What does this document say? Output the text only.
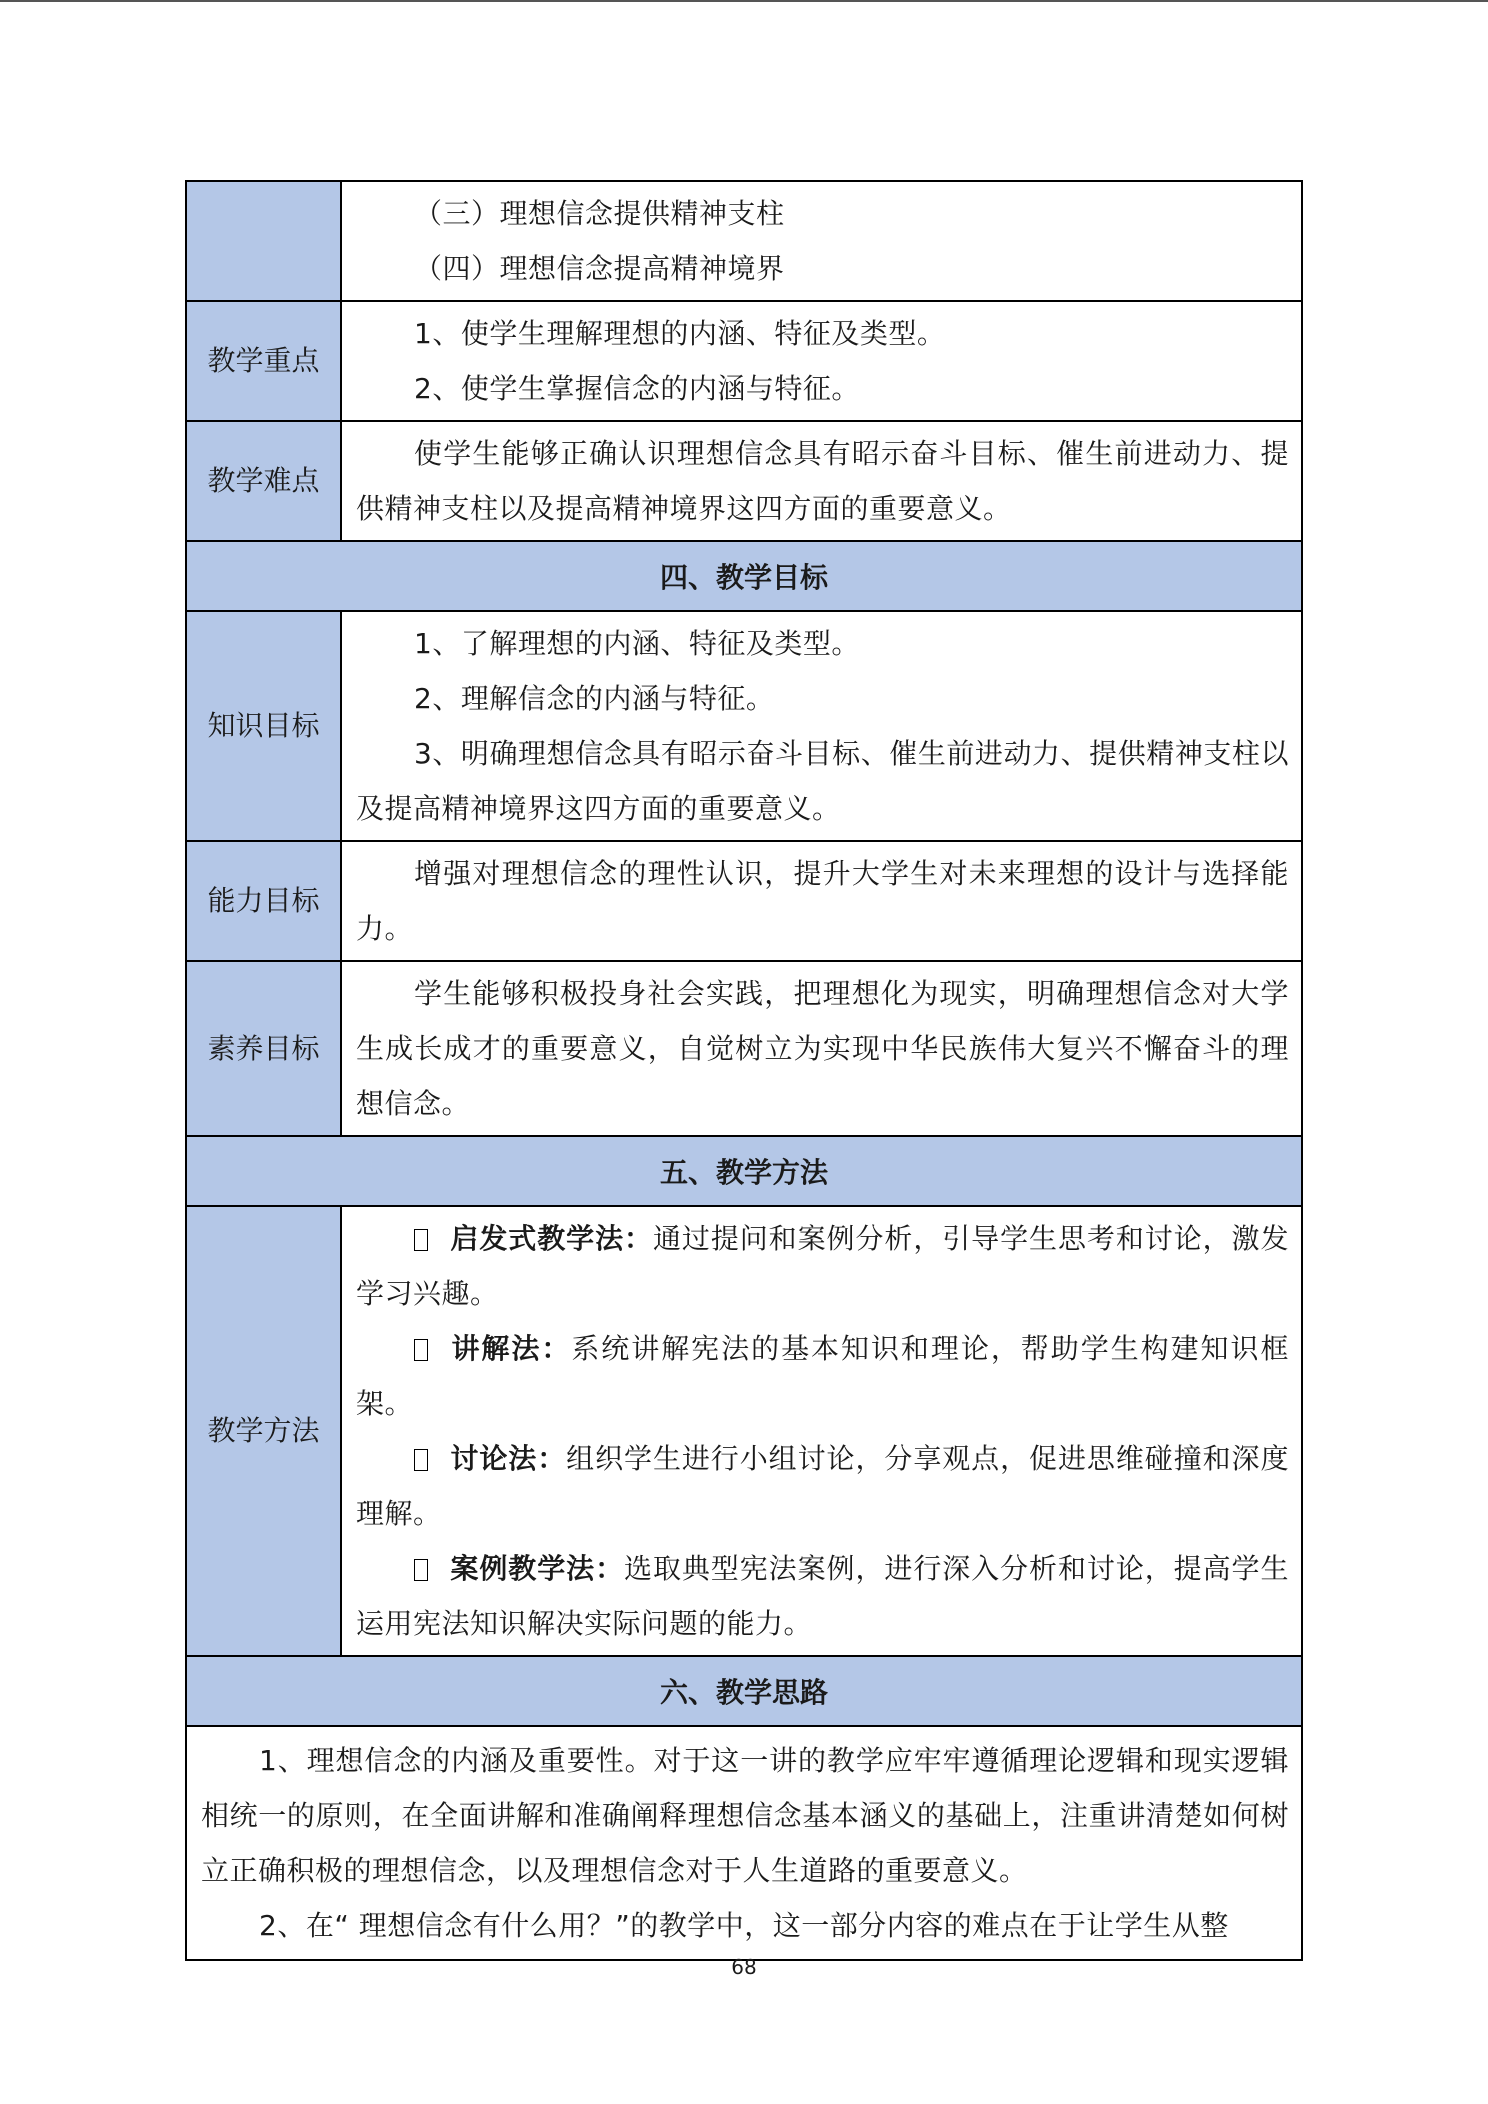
	（三）理想信念提供精神支柱

（四）理想信念提高精神境界

教学重点	1、使学生理解理想的内涵、特征及类型。

2、使学生掌握信念的内涵与特征。

教学难点	使学生能够正确认识理想信念具有昭示奋斗目标、催生前进动力、提供精神支柱以及提高精神境界这四方面的重要意义。

四、教学目标	
知识目标	1、了解理想的内涵、特征及类型。

2、理解信念的内涵与特征。

3、明确理想信念具有昭示奋斗目标、催生前进动力、提供精神支柱以及提高精神境界这四方面的重要意义。

能力目标	增强对理想信念的理性认识，提升大学生对未来理想的设计与选择能力。

素养目标	学生能够积极投身社会实践，把理想化为现实，明确理想信念对大学生成长成才的重要意义，自觉树立为实现中华民族伟大复兴不懈奋斗的理想信念。

五、教学方法	
教学方法	启发式教学法：通过提问和案例分析，引导学生思考和讨论，激发学习兴趣。

讲解法：系统讲解宪法的基本知识和理论，帮助学生构建知识框架。

讨论法：组织学生进行小组讨论，分享观点，促进思维碰撞和深度理解。

案例教学法：选取典型宪法案例，进行深入分析和讨论，提高学生运用宪法知识解决实际问题的能力。

六、教学思路	

1、理想信念的内涵及重要性。对于这一讲的教学应牢牢遵循理论逻辑和现实逻辑相统一的原则，在全面讲解和准确阐释理想信念基本涵义的基础上，注重讲清楚如何树立正确积极的理想信念，以及理想信念对于人生道路的重要意义。

2、在“ 理想信念有什么用？”的教学中，这一部分内容的难点在于让学生从整	

68
